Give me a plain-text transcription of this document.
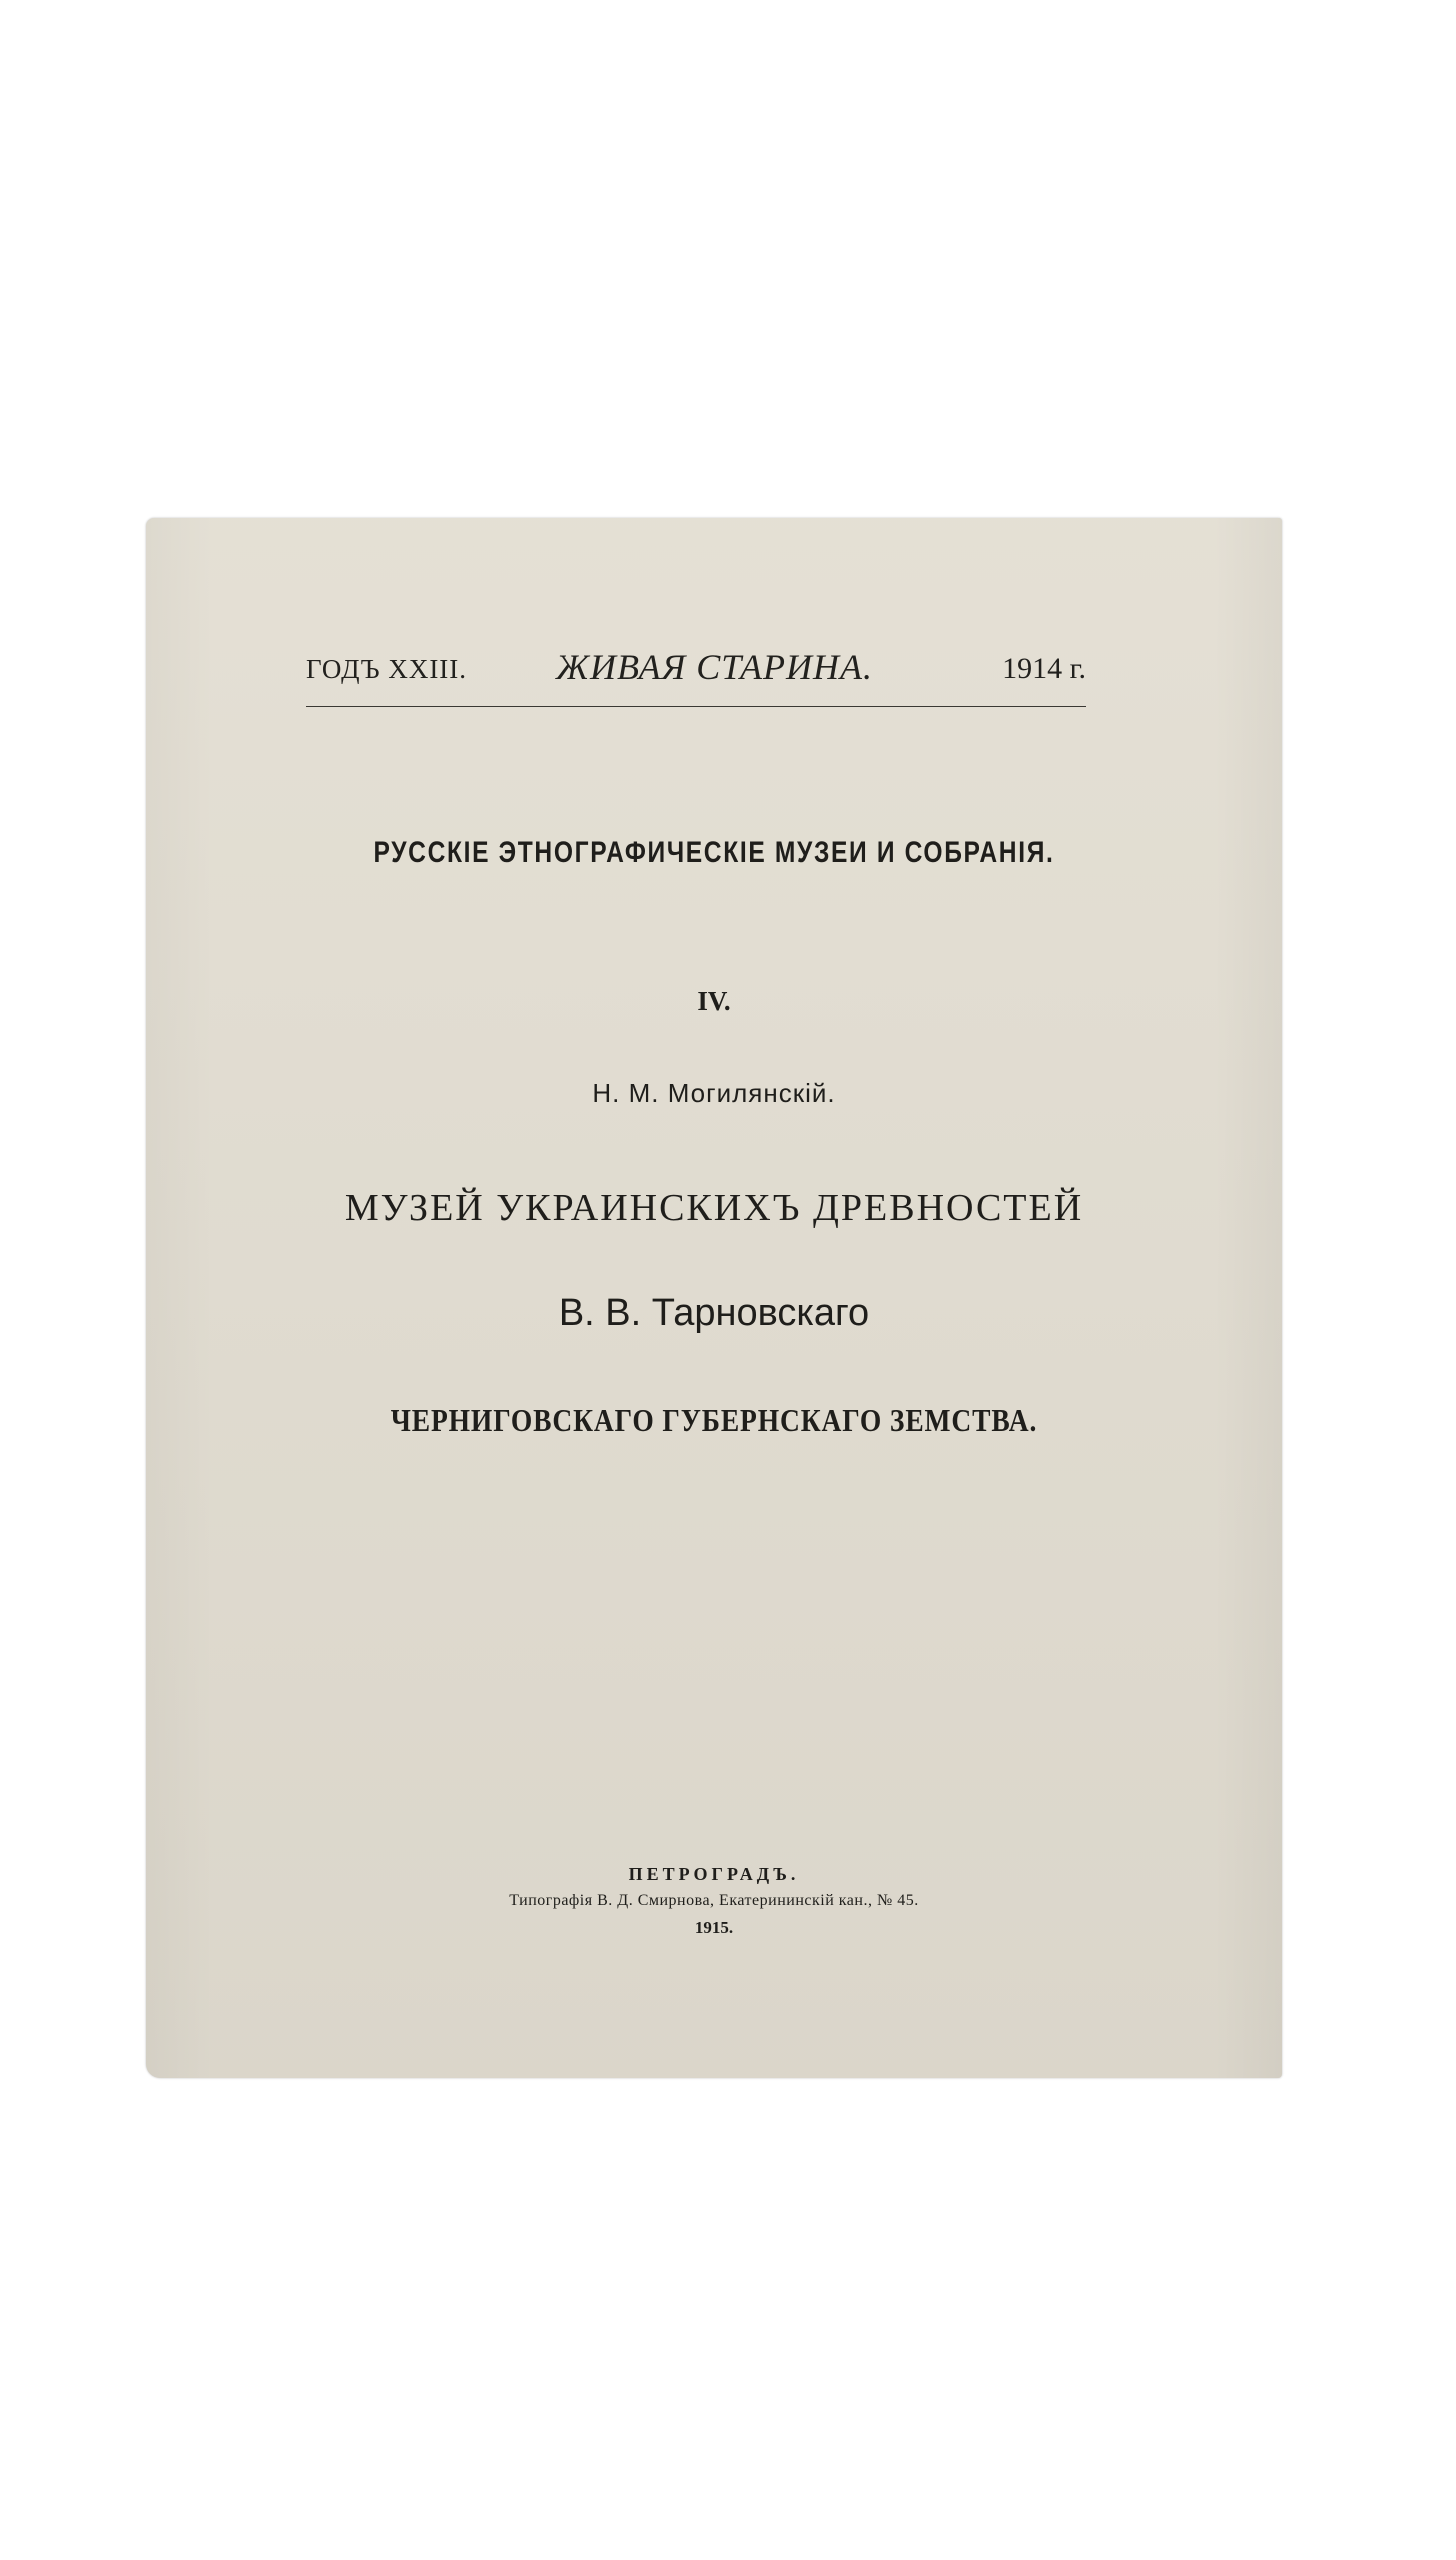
ГОДЪ XXIII. ЖИВАЯ СТАРИНА.	1914 г.
РУССКІЕ ЭТНОГРАФИЧЕСКІЕ МУЗЕИ И СОБРАНІЯ.
IV.
Н. М. Могилянскій.
МУЗЕЙ УКРАИНСКИХЪ ДРЕВНОСТЕЙ
В. В. Тарновскаго
ЧЕРНИГОВСКАГО ГУБЕРНСКАГО ЗЕМСТВА.
ПЕТРОГРАДЪ.
Типографія В. Д. Смирнова, Екатерининскій кан., № 45.
1915.
